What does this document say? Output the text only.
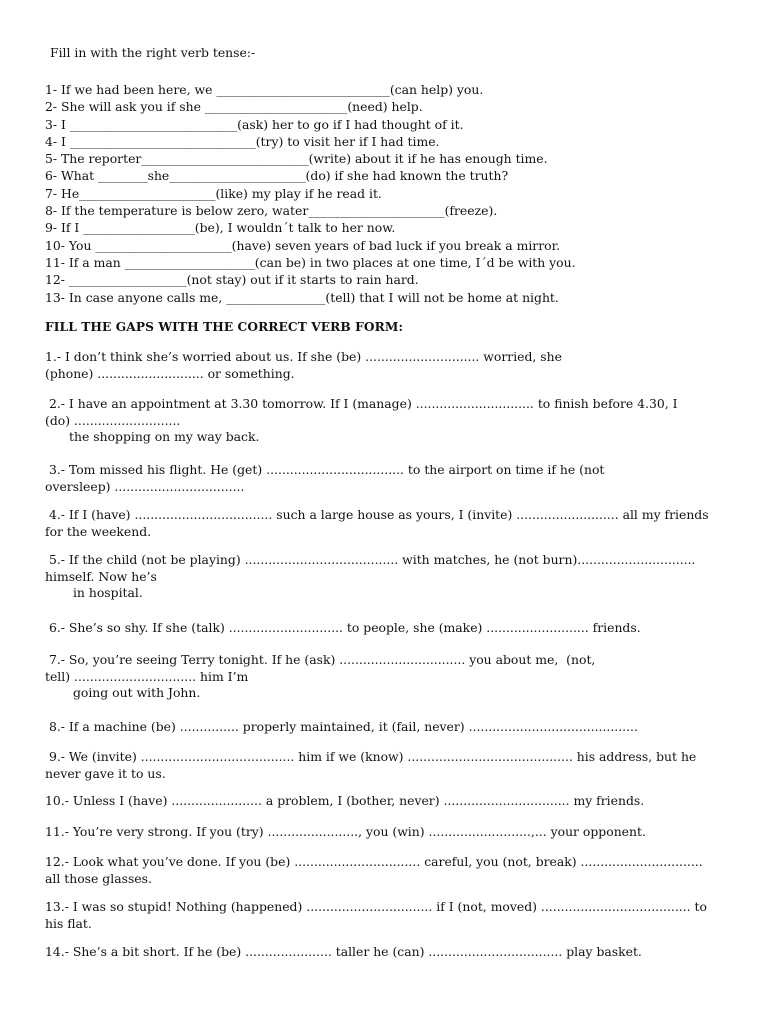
Fill in with the right verb tense:-
1- If we had been here, we ____________________________(can help) you.
2- She will ask you if she _______________________(need) help.
3- I ___________________________(ask) her to go if I had thought of it.
4- I ______________________________(try) to visit her if I had time.
5- The reporter___________________________(write) about it if he has enough time.
6- What ________she______________________(do) if she had known the truth?
7- He______________________(like) my play if he read it.
8- If the temperature is below zero, water______________________(freeze).
9- If I __________________(be), I wouldn´t talk to her now.
10- You ______________________(have) seven years of bad luck if you break a mirror.
11- If a man _____________________(can be) in two places at one time, I´d be with you.
12- ___________________(not stay) out if it starts to rain hard.
13- In case anyone calls me, ________________(tell) that I will not be home at night.
FILL THE GAPS WITH THE CORRECT VERB FORM:
1.- I don’t think she’s worried about us. If she (be) ............................. worried, she
(phone) ........................... or something.
2.- I have an appointment at 3.30 tomorrow. If I (manage) .............................. to finish before 4.30, I
(do) ...........................
the shopping on my way back.
3.- Tom missed his flight. He (get) ................................... to the airport on time if he (not
oversleep) .................................
4.- If I (have) ................................... such a large house as yours, I (invite) .......................... all my friends
for the weekend.
5.- If the child (not be playing) ....................................... with matches, he (not burn)..............................
himself. Now he’s
in hospital.
6.- She’s so shy. If she (talk) ............................. to people, she (make) .......................... friends.
7.- So, you’re seeing Terry tonight. If he (ask) ................................ you about me,  (not,
tell) ............................... him I’m
going out with John.
8.- If a machine (be) ............... properly maintained, it (fail, never) ...........................................
9.- We (invite) ....................................... him if we (know) .......................................... his address, but he
never gave it to us.
10.- Unless I (have) ....................... a problem, I (bother, never) ................................ my friends.
11.- You’re very strong. If you (try) ......................., you (win) ..........................,... your opponent.
12.- Look what you’ve done. If you (be) ................................ careful, you (not, break) ...............................
all those glasses.
13.- I was so stupid! Nothing (happened) ................................ if I (not, moved) ...................................... to
his flat.
14.- She’s a bit short. If he (be) ...................... taller he (can) .................................. play basket.
